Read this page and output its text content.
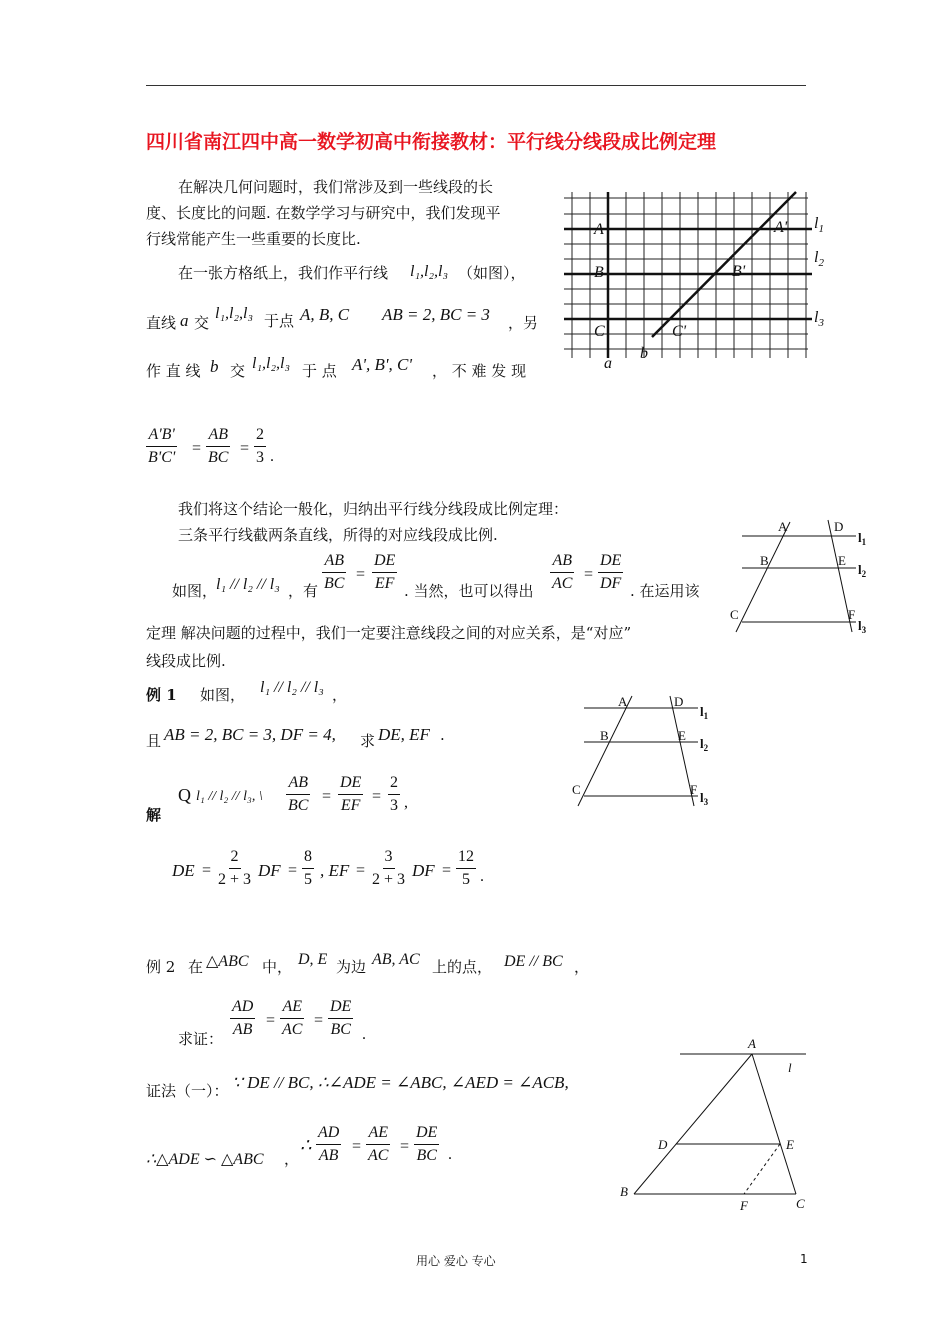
四川省南江四中高一数学初高中衔接教材：平行线分线段成比例定理
在解决几何问题时，我们常涉及到一些线段的长
度、长度比的问题. 在数学学习与研究中，我们发现平
行线常能产生一些重要的长度比.
在一张方格纸上，我们作平行线 l₁,l₂,l₃ （如图），
直线 a 交
l₁,l₂,l₃ 于点 A, B, C AB = 2, BC = 3 ，另
作 直 线 b 交 l₁,l₂,l₃ 于 点 A', B', C' ， 不 难 发 现
$\frac{A'B'}{B'C'} = \frac{AB}{BC} = \frac{2}{3}$ .
A
B
C
A'
B'
C'
a
b
$l_1$
$l_2$
$l_3$
我们将这个结论一般化，归纳出平行线分线段成比例定理：
三条平行线截两条直线，所得的对应线段成比例.
如图，
l₁ // l₂ // l₃ ，有 $\frac{AB}{BC} = \frac{DE}{EF}$ . 当然，也可以得出 $\frac{AB}{AC} = \frac{DE}{DF}$ . 在运用该
定理 解决问题的过程中，我们一定要注意线段之间的对应关系，是“对应”
线段成比例.
A	D
B	E
C	F
$l_1$
$l_2$
$l_3$
例 1 如图， l₁ // l₂ // l₃ ，
且 AB = 2, BC = 3, DF = 4, 求 DE, EF .
解
Q l₁ // l₂ // l₃, \ $\frac{AB}{BC} = \frac{DE}{EF} = \frac{2}{3}$ ,
DE = $\frac{2}{2 + 3}$ DF = $\frac{8}{5}$ , EF = $\frac{3}{2 + 3}$ DF = $\frac{12}{5}$ .
A	D
B	E
C	F
$l_1$
$l_2$
$l_3$
例 2 在 △ABC 中， D, E 为边 AB, AC 上的点， DE // BC ，
求证：
$\frac{AD}{AB} = \frac{AE}{AC} = \frac{DE}{BC}$ .
证法（一）： ∵ DE // BC, ∴∠ADE = ∠ABC, ∠AED = ∠ACB,
∴△ADE ∽ △ABC ，
∴ $\frac{AD}{AB} = \frac{AE}{AC} = \frac{DE}{BC}$ .
A
l
D	E
B
F	C
用心 爱心 专心	1
